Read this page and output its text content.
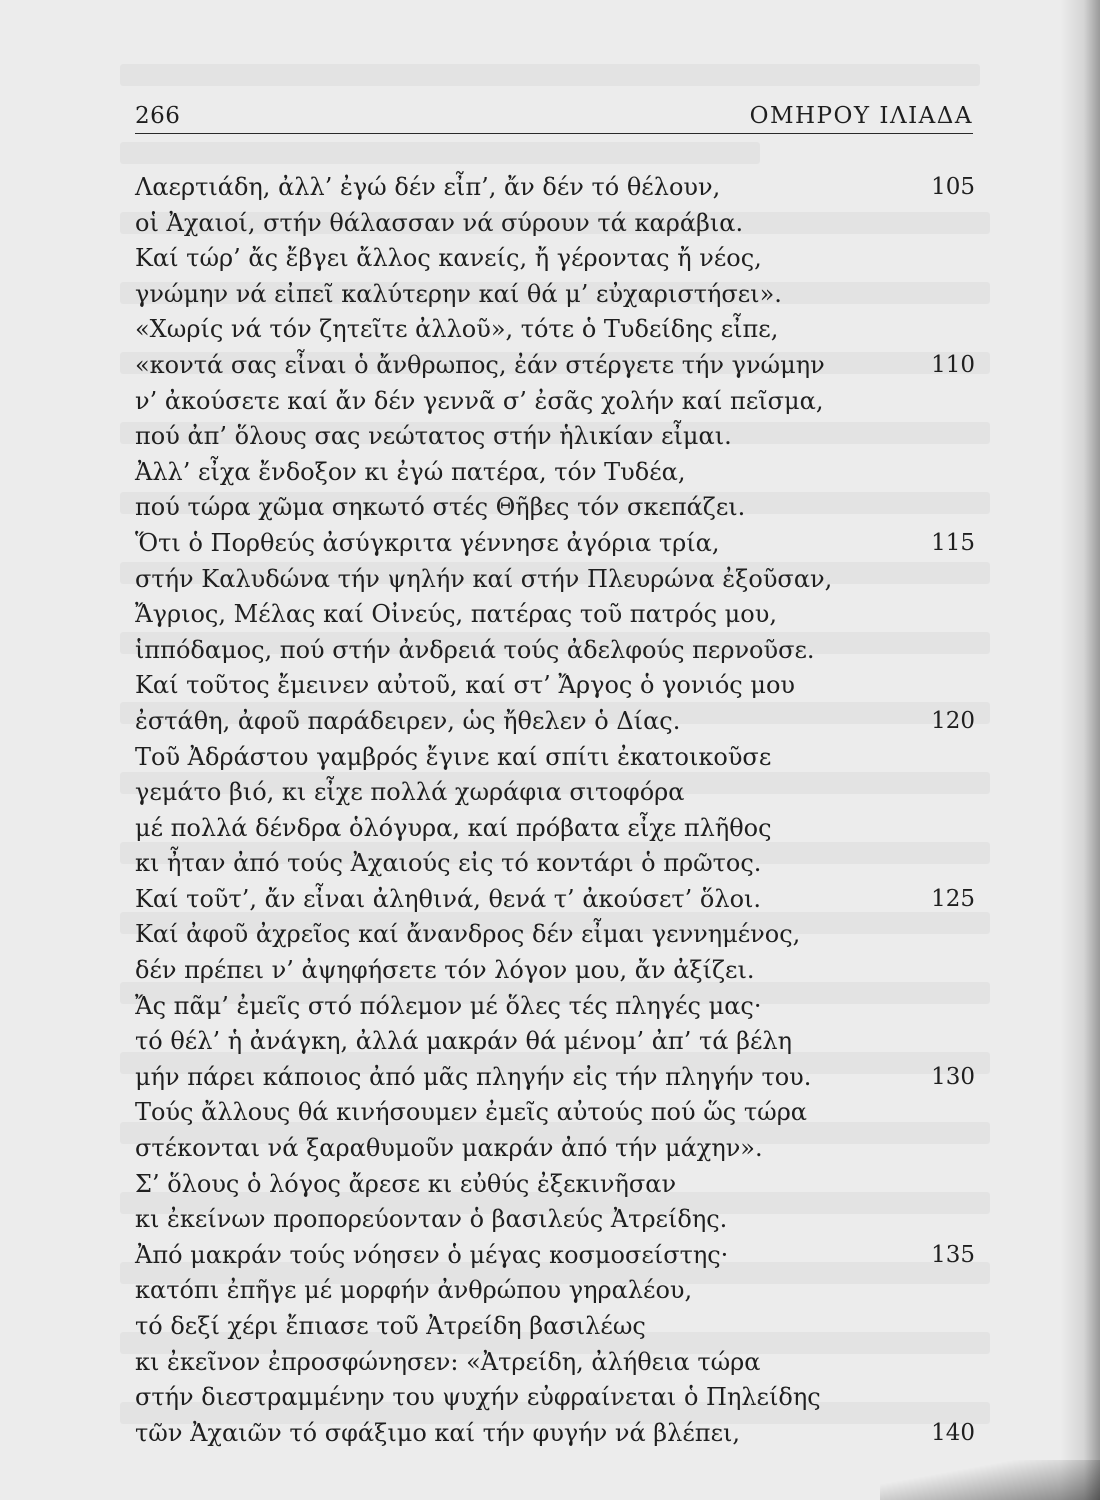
266	ΟΜΗΡΟΥ ΙΛΙΑΔΑ
Λαερτιάδη, ἀλλ’ ἐγώ δέν εἶπ’, ἄν δέν τό θέλουν,	105
οἱ Ἀχαιοί, στήν θάλασσαν νά σύρουν τά καράβια.
Καί τώρ’ ἄς ἔβγει ἄλλος κανείς, ἤ γέροντας ἤ νέος,
γνώμην νά εἰπεῖ καλύτερην καί θά μ’ εὐχαριστήσει».
«Χωρίς νά τόν ζητεῖτε ἀλλοῦ», τότε ὁ Τυδείδης εἶπε,
«κοντά σας εἶναι ὁ ἄνθρωπος, ἐάν στέργετε τήν γνώμην	110
ν’ ἀκούσετε καί ἄν δέν γεννᾶ σ’ ἐσᾶς χολήν καί πεῖσμα,
πού ἀπ’ ὅλους σας νεώτατος στήν ἡλικίαν εἶμαι.
Ἀλλ’ εἶχα ἔνδοξον κι ἐγώ πατέρα, τόν Τυδέα,
πού τώρα χῶμα σηκωτό στές Θῆβες τόν σκεπάζει.
Ὅτι ὁ Πορθεύς ἀσύγκριτα γέννησε ἀγόρια τρία,	115
στήν Καλυδώνα τήν ψηλήν καί στήν Πλευρώνα ἐξοῦσαν,
Ἄγριος, Μέλας καί Οἰνεύς, πατέρας τοῦ πατρός μου,
ἱππόδαμος, πού στήν ἀνδρειά τούς ἀδελφούς περνοῦσε.
Καί τοῦτος ἔμεινεν αὐτοῦ, καί στ’ Ἄργος ὁ γονιός μου
ἐστάθη, ἀφοῦ παράδειρεν, ὡς ἤθελεν ὁ Δίας.	120
Τοῦ Ἀδράστου γαμβρός ἔγινε καί σπίτι ἐκατοικοῦσε
γεμάτο βιό, κι εἶχε πολλά χωράφια σιτοφόρα
μέ πολλά δένδρα ὁλόγυρα, καί πρόβατα εἶχε πλῆθος
κι ἦταν ἀπό τούς Ἀχαιούς εἰς τό κοντάρι ὁ πρῶτος.
Καί τοῦτ’, ἄν εἶναι ἀληθινά, θενά τ’ ἀκούσετ’ ὅλοι.	125
Καί ἀφοῦ ἀχρεῖος καί ἄνανδρος δέν εἶμαι γεννημένος,
δέν πρέπει ν’ ἀψηφήσετε τόν λόγον μου, ἄν ἀξίζει.
Ἄς πᾶμ’ ἐμεῖς στό πόλεμον μέ ὅλες τές πληγές μας·
τό θέλ’ ἡ ἀνάγκη, ἀλλά μακράν θά μένομ’ ἀπ’ τά βέλη
μήν πάρει κάποιος ἀπό μᾶς πληγήν εἰς τήν πληγήν του.	130
Τούς ἄλλους θά κινήσουμεν ἐμεῖς αὐτούς πού ὥς τώρα
στέκονται νά ξαραθυμοῦν μακράν ἀπό τήν μάχην».
Σ’ ὅλους ὁ λόγος ἄρεσε κι εὐθύς ἐξεκινῆσαν
κι ἐκείνων προπορεύονταν ὁ βασιλεύς Ἀτρείδης.
Ἀπό μακράν τούς νόησεν ὁ μέγας κοσμοσείστης·	135
κατόπι ἐπῆγε μέ μορφήν ἀνθρώπου γηραλέου,
τό δεξί χέρι ἔπιασε τοῦ Ἀτρείδη βασιλέως
κι ἐκεῖνον ἐπροσφώνησεν: «Ἀτρείδη, ἀλήθεια τώρα
στήν διεστραμμένην του ψυχήν εὐφραίνεται ὁ Πηλείδης
τῶν Ἀχαιῶν τό σφάξιμο καί τήν φυγήν νά βλέπει,	140
